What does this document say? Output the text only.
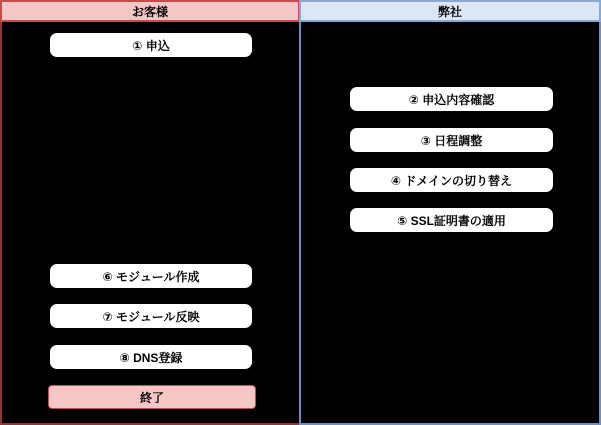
お客様	弊社
① 申込
② 申込内容確認
③ 日程調整
④ ドメインの切り替え
⑤ SSL証明書の適用
⑥ モジュール作成
⑦ モジュール反映
⑧ DNS登録
終了
